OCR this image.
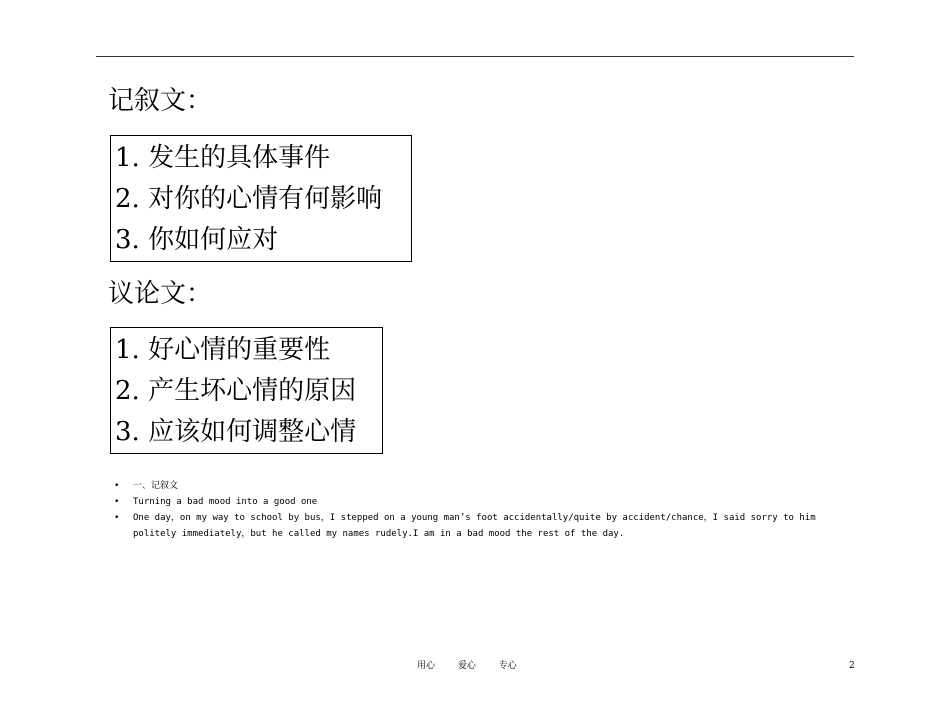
记叙文：
1. 发生的具体事件
2. 对你的心情有何影响
3. 你如何应对
议论文：
1. 好心情的重要性
2. 产生坏心情的原因
3. 应该如何调整心情
• 一、记叙文
• Turning a bad mood into a good one
• One day，on my way to school by bus，I stepped on a young man’s foot accidentally/quite by accident/chance，I said sorry to him politely immediately，but he called my names rudely.I am in a bad mood the rest of the day.
用心	爱心	专心	2
